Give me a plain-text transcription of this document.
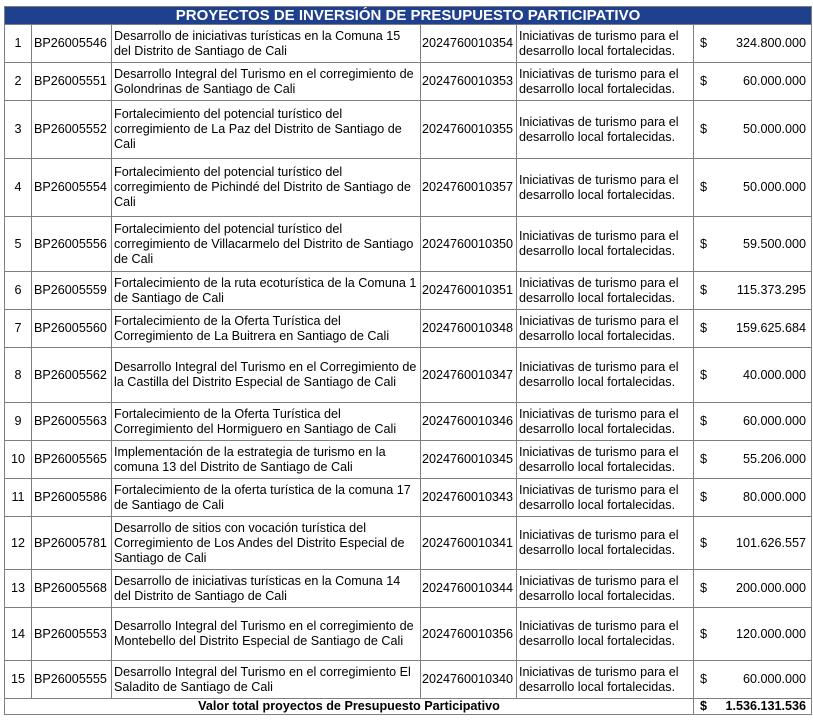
PROYECTOS DE INVERSIÓN DE PRESUPUESTO PARTICIPATIVO						
1	BP26005546	Desarrollo de iniciativas turísticas en la Comuna 15 del Distrito de Santiago de Cali	2024760010354	Iniciativas de turismo para el desarrollo local fortalecidas.	$	324.800.000
2	BP26005551	Desarrollo Integral del Turismo en el corregimiento de Golondrinas de Santiago de Cali	2024760010353	Iniciativas de turismo para el desarrollo local fortalecidas.	$	60.000.000
3	BP26005552	Fortalecimiento del potencial turístico del corregimiento de La Paz del Distrito de Santiago de Cali	2024760010355	Iniciativas de turismo para el desarrollo local fortalecidas.	$	50.000.000
4	BP26005554	Fortalecimiento del potencial turístico del corregimiento de Pichindé del Distrito de Santiago de Cali	2024760010357	Iniciativas de turismo para el desarrollo local fortalecidas.	$	50.000.000
5	BP26005556	Fortalecimiento del potencial turístico del corregimiento de Villacarmelo del Distrito de Santiago de Cali	2024760010350	Iniciativas de turismo para el desarrollo local fortalecidas.	$	59.500.000
6	BP26005559	Fortalecimiento de la ruta ecoturística de la Comuna 1 de Santiago de Cali	2024760010351	Iniciativas de turismo para el desarrollo local fortalecidas.	$	115.373.295
7	BP26005560	Fortalecimiento de la Oferta Turística del Corregimiento de La Buitrera en Santiago de Cali	2024760010348	Iniciativas de turismo para el desarrollo local fortalecidas.	$	159.625.684
8	BP26005562	Desarrollo Integral del Turismo en el Corregimiento de la Castilla del Distrito Especial de Santiago de Cali	2024760010347	Iniciativas de turismo para el desarrollo local fortalecidas.	$	40.000.000
9	BP26005563	Fortalecimiento de la Oferta Turística del Corregimiento del Hormiguero en Santiago de Cali	2024760010346	Iniciativas de turismo para el desarrollo local fortalecidas.	$	60.000.000
10	BP26005565	Implementación de la estrategia de turismo en la comuna 13 del Distrito de Santiago de Cali	2024760010345	Iniciativas de turismo para el desarrollo local fortalecidas.	$	55.206.000
11	BP26005586	Fortalecimiento de la oferta turística de la comuna 17 de Santiago de Cali	2024760010343	Iniciativas de turismo para el desarrollo local fortalecidas.	$	80.000.000
12	BP26005781	Desarrollo de sitios con vocación turística del Corregimiento de Los Andes del Distrito Especial de Santiago de Cali	2024760010341	Iniciativas de turismo para el desarrollo local fortalecidas.	$	101.626.557
13	BP26005568	Desarrollo de iniciativas turísticas en la Comuna 14 del Distrito de Santiago de Cali	2024760010344	Iniciativas de turismo para el desarrollo local fortalecidas.	$	200.000.000
14	BP26005553	Desarrollo Integral del Turismo en el corregimiento de Montebello del Distrito Especial de Santiago de Cali	2024760010356	Iniciativas de turismo para el desarrollo local fortalecidas.	$	120.000.000
15	BP26005555	Desarrollo Integral del Turismo en el corregimiento El Saladito de Santiago de Cali	2024760010340	Iniciativas de turismo para el desarrollo local fortalecidas.	$	60.000.000
Valor total proyectos de Presupuesto Participativo					$	1.536.131.536
